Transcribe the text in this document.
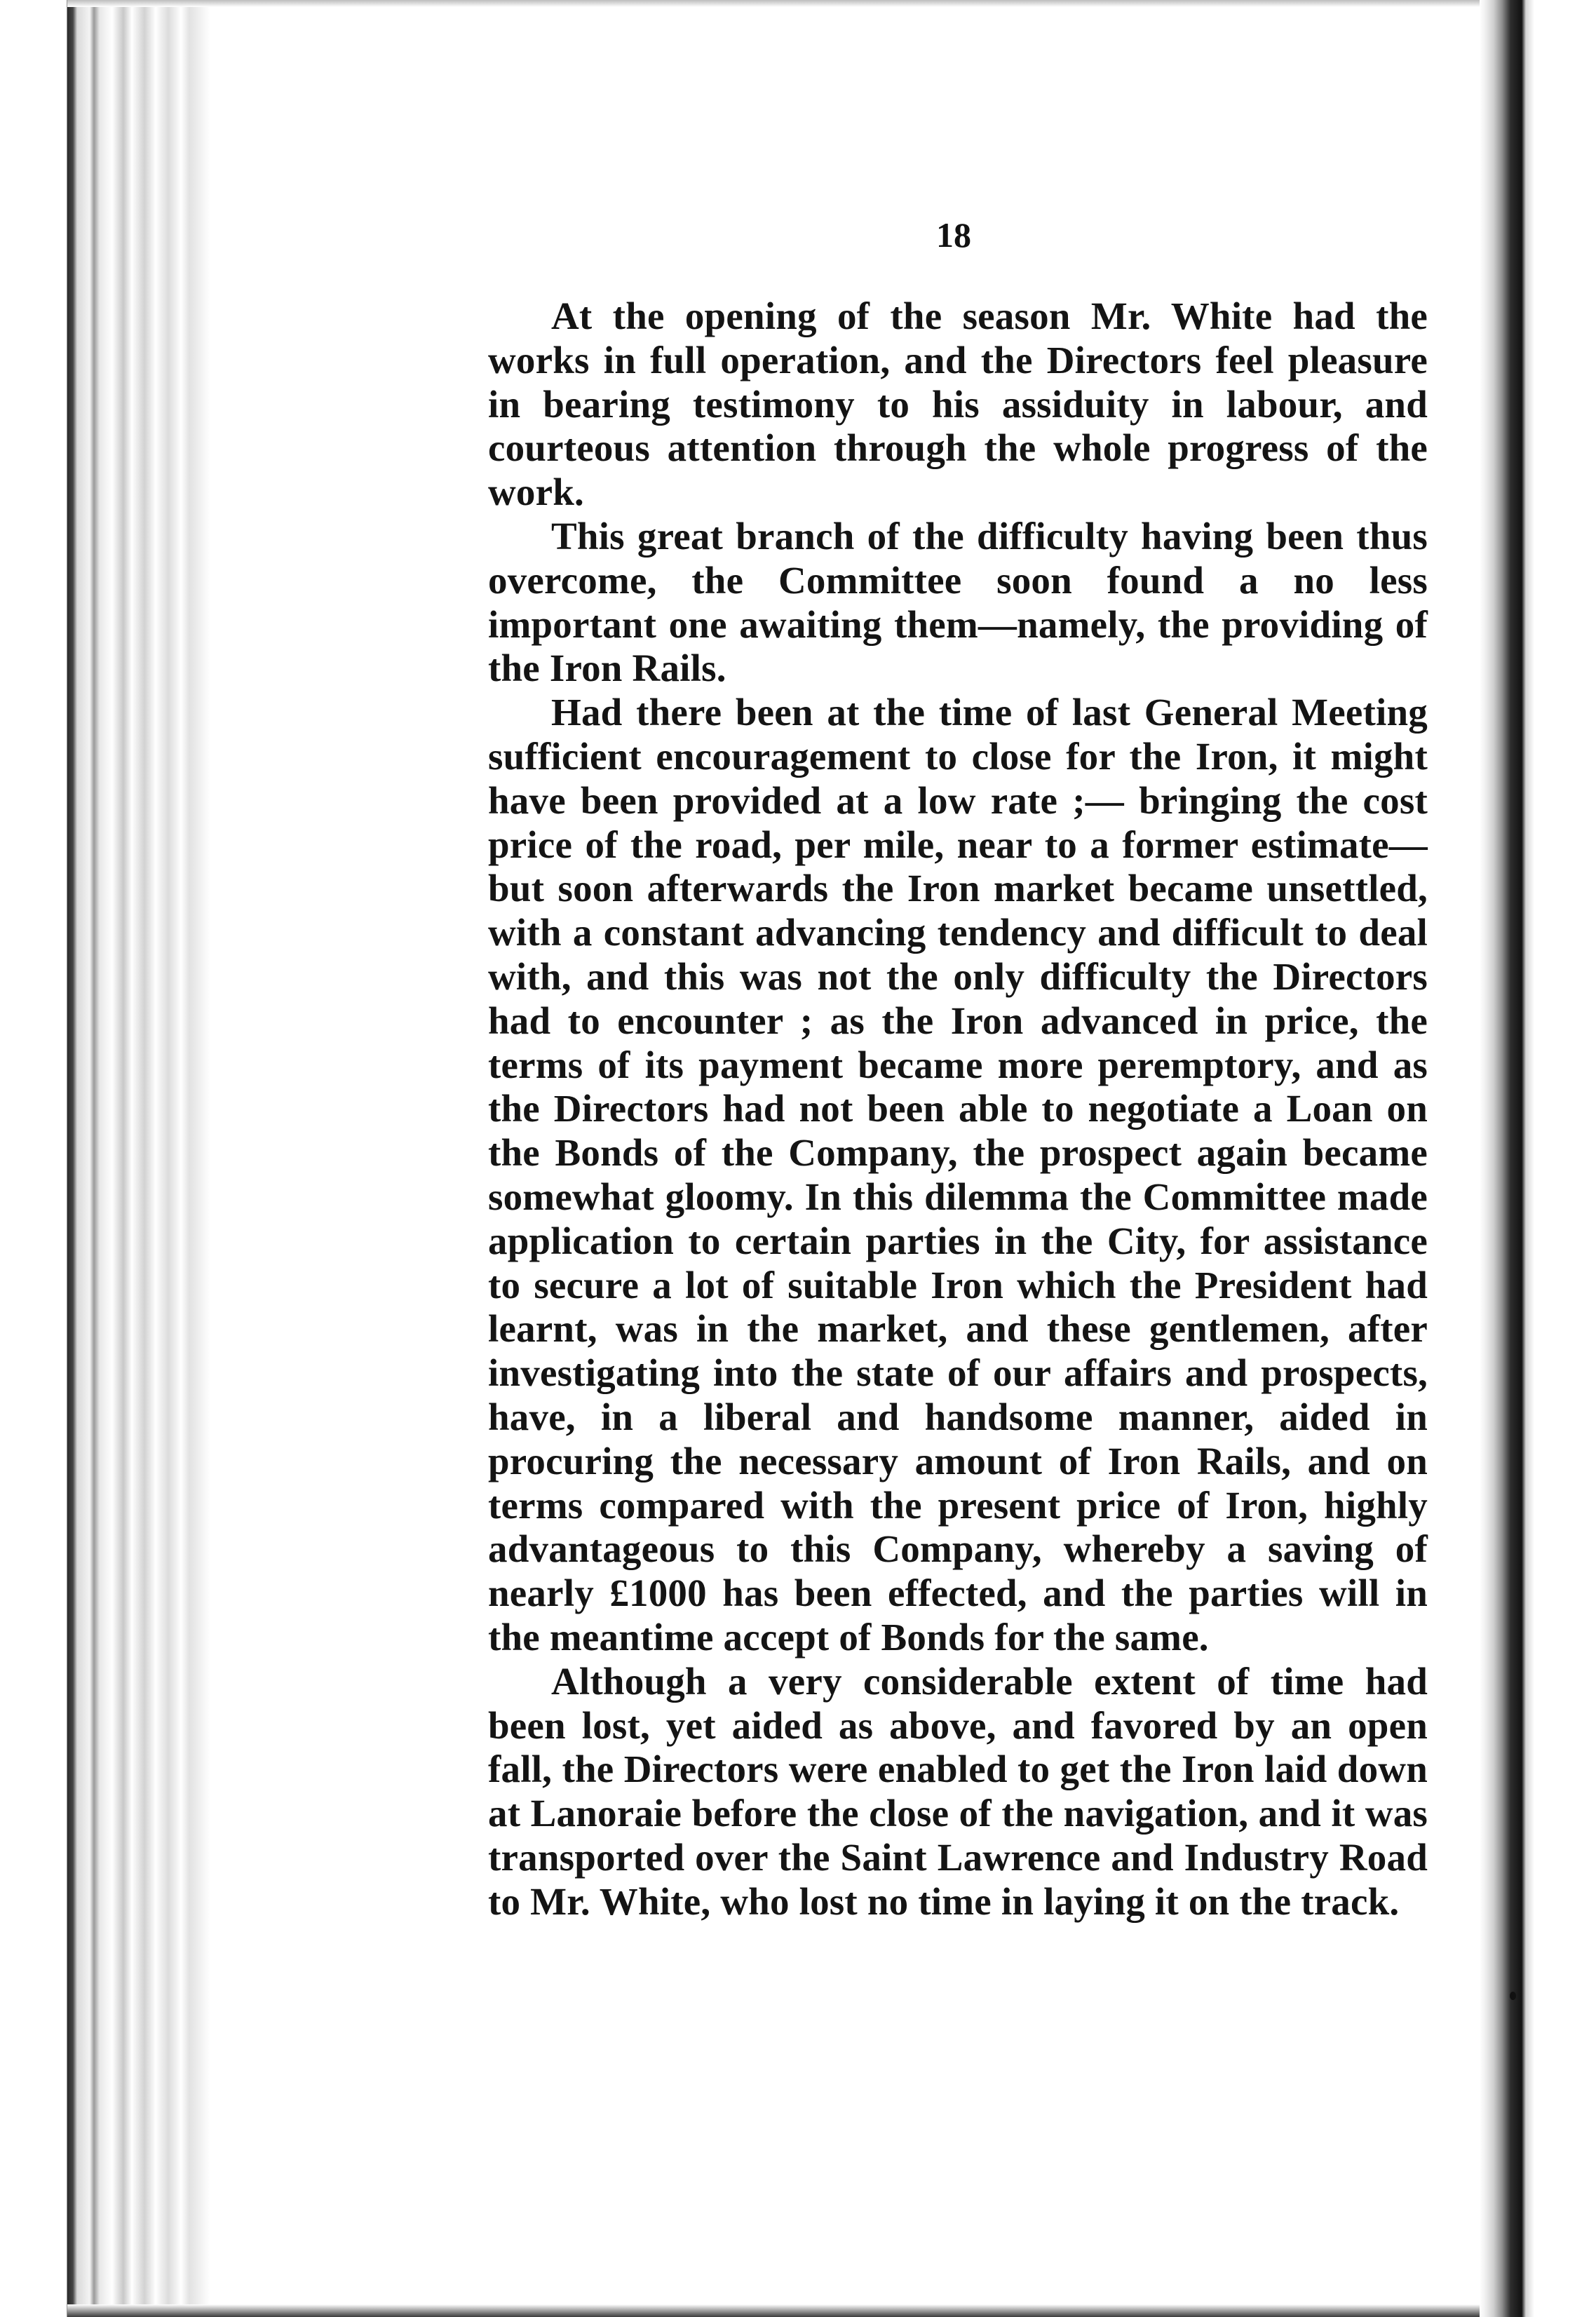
18

At the opening of the season Mr. White had the works in full operation, and the Directors feel pleasure in bearing testimony to his assiduity in labour, and courteous attention through the whole progress of the work.

This great branch of the difficulty having been thus overcome, the Committee soon found a no less important one awaiting them—namely, the providing of the Iron Rails.

Had there been at the time of last General Meeting sufficient encouragement to close for the Iron, it might have been provided at a low rate ;— bringing the cost price of the road, per mile, near to a former estimate—but soon afterwards the Iron market became unsettled, with a constant advancing tendency and difficult to deal with, and this was not the only difficulty the Directors had to encounter ; as the Iron advanced in price, the terms of its payment became more peremptory, and as the Directors had not been able to negotiate a Loan on the Bonds of the Company, the prospect again became somewhat gloomy. In this dilemma the Committee made application to certain parties in the City, for assistance to secure a lot of suitable Iron which the President had learnt, was in the market, and these gentlemen, after investigating into the state of our affairs and prospects, have, in a liberal and handsome manner, aided in procuring the necessary amount of Iron Rails, and on terms compared with the present price of Iron, highly advantageous to this Company, whereby a saving of nearly £1000 has been effected, and the parties will in the meantime accept of Bonds for the same.

Although a very considerable extent of time had been lost, yet aided as above, and favored by an open fall, the Directors were enabled to get the Iron laid down at Lanoraie before the close of the navigation, and it was transported over the Saint Lawrence and Industry Road to Mr. White, who lost no time in laying it on the track.
